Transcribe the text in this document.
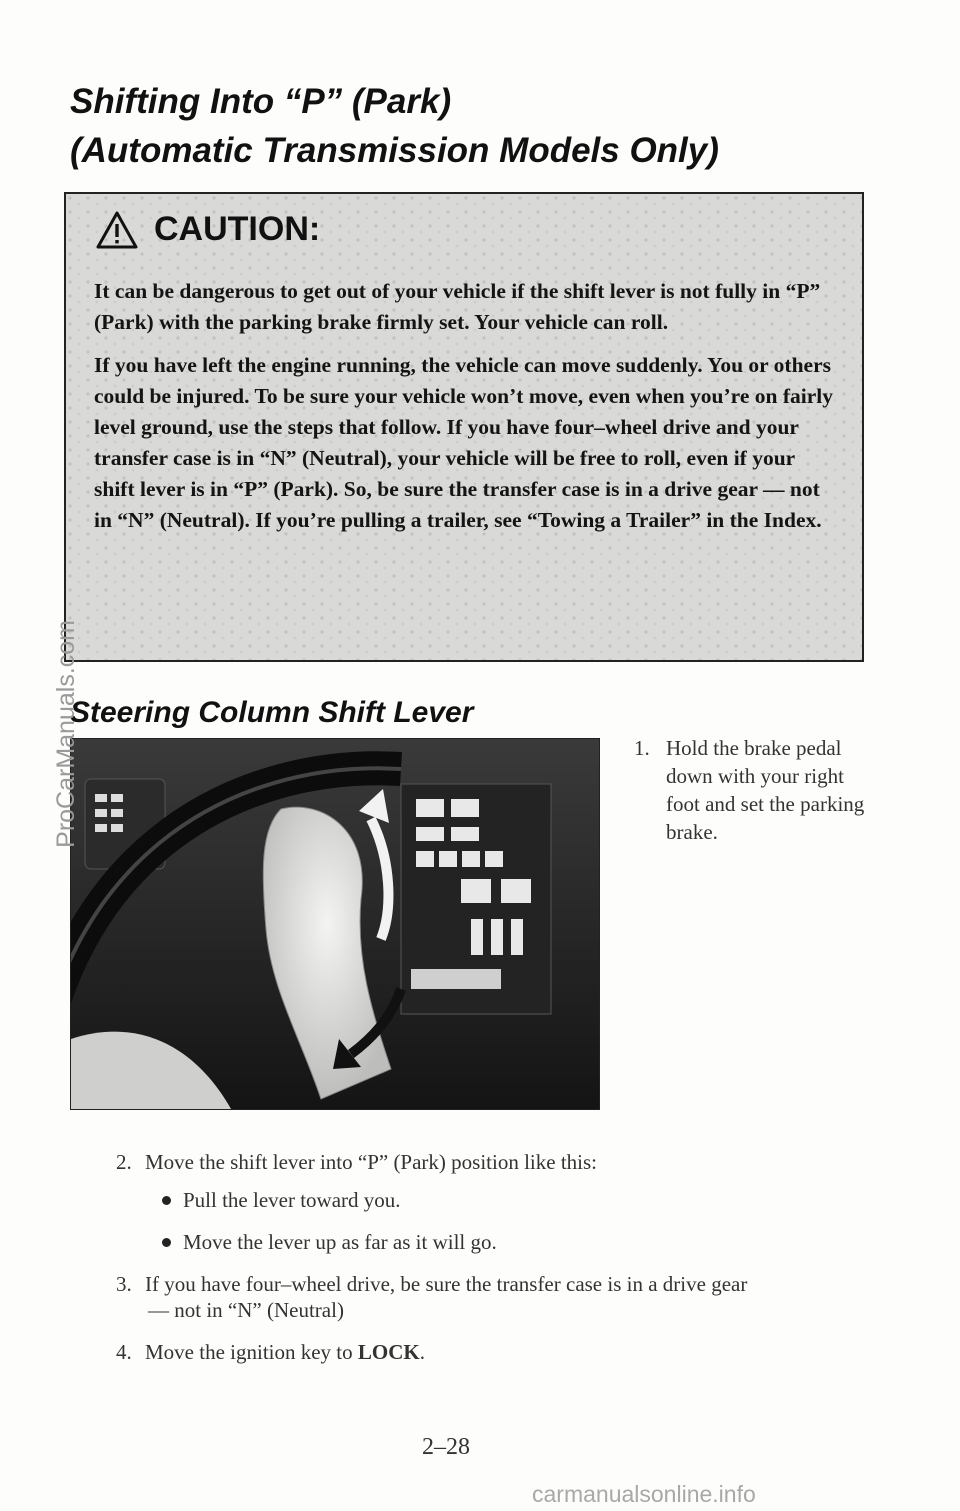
Shifting Into “P” (Park)
(Automatic Transmission Models Only)
CAUTION:

It can be dangerous to get out of your vehicle if the shift lever is not fully in “P” (Park) with the parking brake firmly set. Your vehicle can roll.

If you have left the engine running, the vehicle can move suddenly. You or others could be injured. To be sure your vehicle won’t move, even when you’re on fairly level ground, use the steps that follow. If you have four–wheel drive and your transfer case is in “N” (Neutral), your vehicle will be free to roll, even if your shift lever is in “P” (Park). So, be sure the transfer case is in a drive gear — not in “N” (Neutral). If you’re pulling a trailer, see “Towing a Trailer” in the Index.

Steering Column Shift Lever
1. Hold the brake pedal down with your right foot and set the parking brake.
2. Move the shift lever into “P” (Park) position like this:
Pull the lever toward you.
Move the lever up as far as it will go.
3. If you have four–wheel drive, be sure the transfer case is in a drive gear
— not in “N” (Neutral)
4. Move the ignition key to LOCK.
2–28
ProCarManuals.com
carmanualsonline.info
